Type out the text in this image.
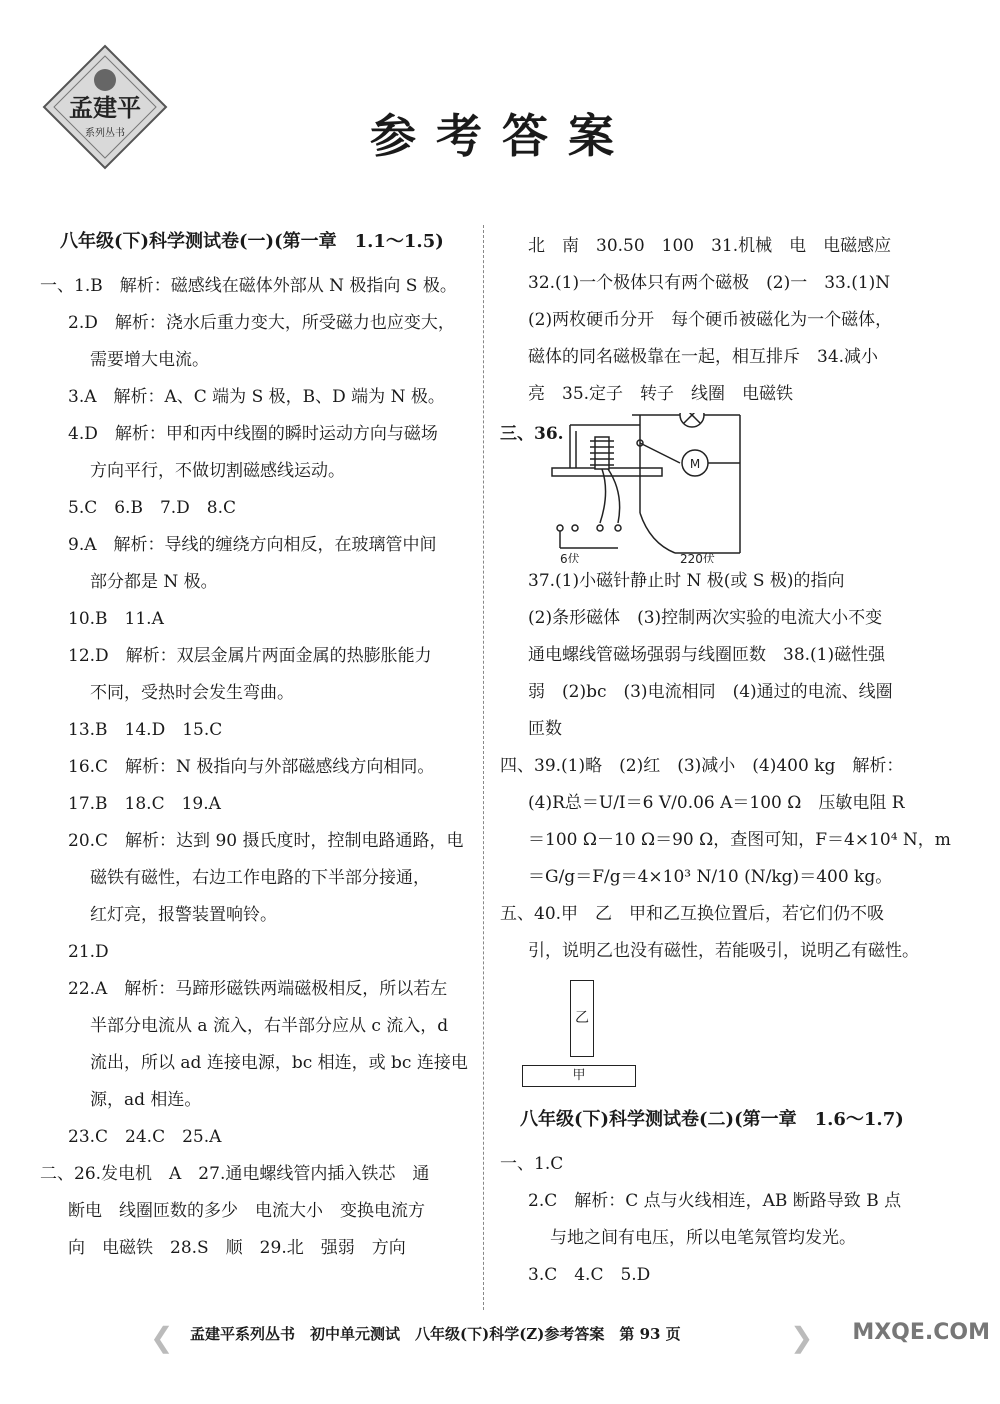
孟建平
系列丛书	参考答案
八年级(下)科学测试卷(一)(第一章　1.1～1.5)
一、1.B　解析：磁感线在磁体外部从 N 极指向 S 极。
2.D　解析：浇水后重力变大，所受磁力也应变大，
需要增大电流。
3.A　解析：A、C 端为 S 极，B、D 端为 N 极。
4.D　解析：甲和丙中线圈的瞬时运动方向与磁场
方向平行，不做切割磁感线运动。
5.C　6.B　7.D　8.C
9.A　解析：导线的缠绕方向相反，在玻璃管中间
部分都是 N 极。
10.B　11.A
12.D　解析：双层金属片两面金属的热膨胀能力
不同，受热时会发生弯曲。
13.B　14.D　15.C
16.C　解析：N 极指向与外部磁感线方向相同。
17.B　18.C　19.A
20.C　解析：达到 90 摄氏度时，控制电路通路，电
磁铁有磁性，右边工作电路的下半部分接通，
红灯亮，报警装置响铃。
21.D
22.A　解析：马蹄形磁铁两端磁极相反，所以若左
半部分电流从 a 流入，右半部分应从 c 流入，d
流出，所以 ad 连接电源，bc 相连，或 bc 连接电
源，ad 相连。
23.C　24.C　25.A
二、26.发电机　A　27.通电螺线管内插入铁芯　通
断电　线圈匝数的多少　电流大小　变换电流方
向　电磁铁　28.S　顺　29.北　强弱　方向
北　南　30.50　100　31.机械　电　电磁感应
32.(1)一个极体只有两个磁极　(2)一　33.(1)N
(2)两枚硬币分开　每个硬币被磁化为一个磁体，
磁体的同名磁极靠在一起，相互排斥　34.减小
亮　35.定子　转子　线圈　电磁铁
三、36.
M
6伏	220伏
37.(1)小磁针静止时 N 极(或 S 极)的指向
(2)条形磁体　(3)控制两次实验的电流大小不变
通电螺线管磁场强弱与线圈匝数　38.(1)磁性强
弱　(2)bc　(3)电流相同　(4)通过的电流、线圈
匝数
四、39.(1)略　(2)红　(3)减小　(4)400 kg　解析：
(4)R总＝U/I＝6 V/0.06 A＝100 Ω　压敏电阻 R
＝100 Ω－10 Ω＝90 Ω，查图可知，F＝4×10⁴ N，m
＝G/g＝F/g＝4×10³ N/10 (N/kg)＝400 kg。
五、40.甲　乙　甲和乙互换位置后，若它们仍不吸
引，说明乙也没有磁性，若能吸引，说明乙有磁性。
乙
甲
八年级(下)科学测试卷(二)(第一章　1.6～1.7)
一、1.C
2.C　解析：C 点与火线相连，AB 断路导致 B 点
与地之间有电压，所以电笔氖管均发光。
3.C　4.C　5.D
❮ 孟建平系列丛书　初中单元测试　八年级(下)科学(Z)参考答案　第 93 页	❯ MXQE.COM
